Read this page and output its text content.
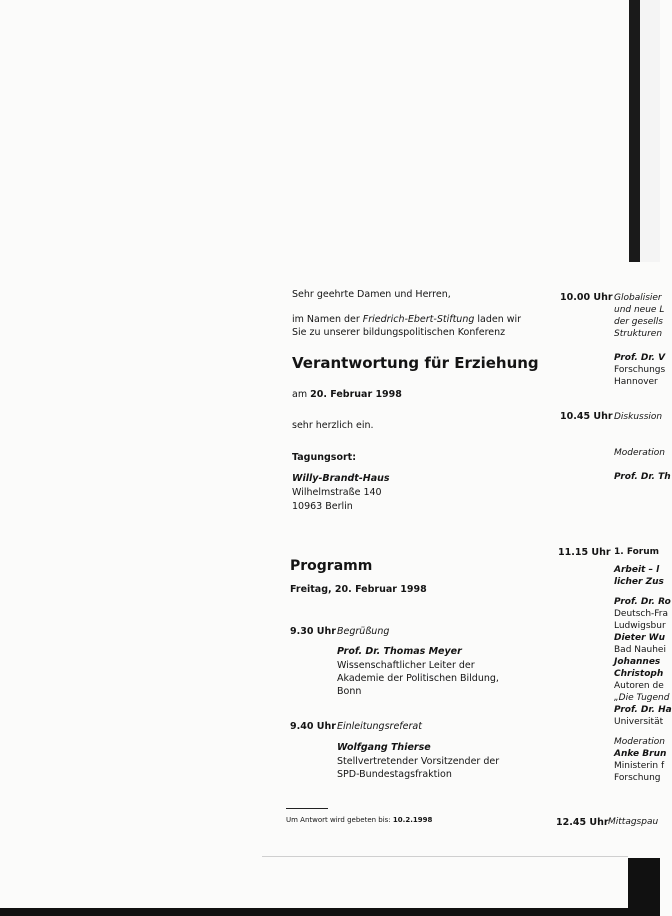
Sehr geehrte Damen und Herren,
im Namen der Friedrich-Ebert-Stiftung laden wir
Sie zu unserer bildungspolitischen Konferenz
Verantwortung für Erziehung
am 20. Februar 1998
sehr herzlich ein.
Tagungsort:
Willy-Brandt-Haus
Wilhelmstraße 140
10963 Berlin
Programm
Freitag, 20. Februar 1998
9.30 Uhr Begrüßung
Prof. Dr. Thomas Meyer
Wissenschaftlicher Leiter der
Akademie der Politischen Bildung,
Bonn
9.40 Uhr Einleitungsreferat
Wolfgang Thierse
Stellvertretender Vorsitzender der
SPD-Bundestagsfraktion
Um Antwort wird gebeten bis: 10.2.1998
10.00 Uhr
10.45 Uhr
11.15 Uhr
12.45 Uhr
Globalisier
und neue L
der gesells
Strukturen
Prof. Dr. V
Forschungs
Hannover
Diskussion
Moderation
Prof. Dr. Th
1. Forum
Arbeit – l
licher Zus
Prof. Dr. Ro
Deutsch-Fra
Ludwigsbur
Dieter Wu
Bad Nauhei
Johannes
Christoph
Autoren de
„Die Tugend
Prof. Dr. Ha
Universität
Moderation
Anke Brun
Ministerin f
Forschung
Mittagspau
